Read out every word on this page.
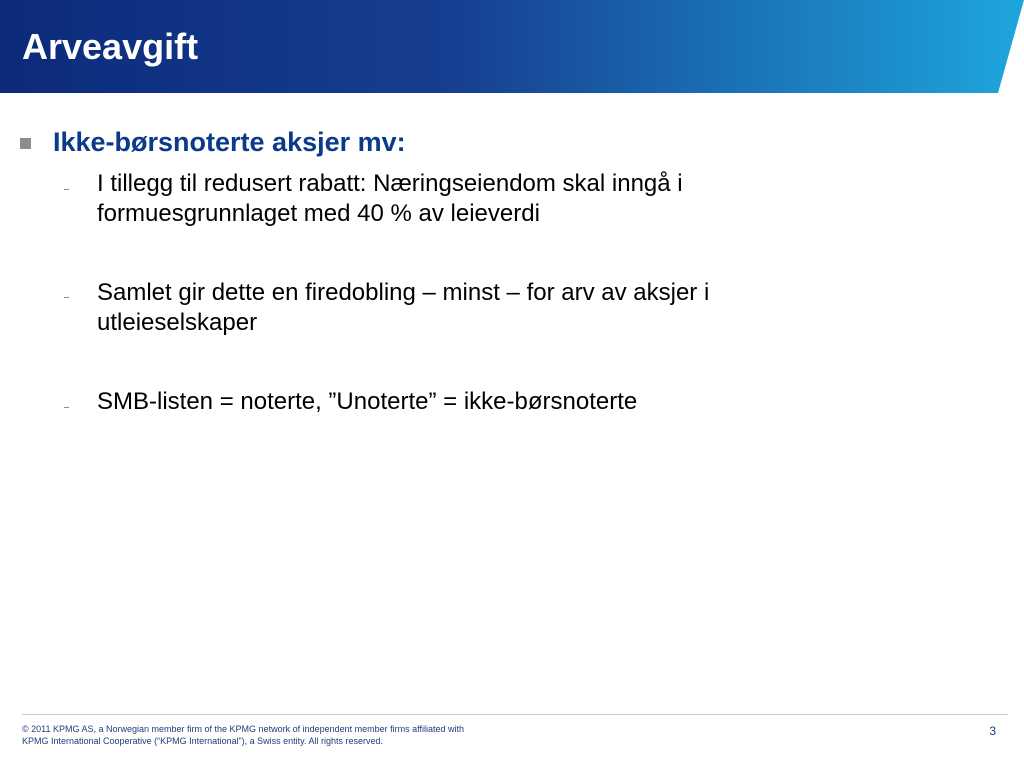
Arveavgift

Ikke-børsnoterte aksjer mv:

I tillegg til redusert rabatt: Næringseiendom skal inngå i
formuesgrunnlaget med 40 % av leieverdi

Samlet gir dette en firedobling – minst – for arv av aksjer i
utleieselskaper

SMB-listen = noterte, ”Unoterte” = ikke-børsnoterte

© 2011 KPMG AS, a Norwegian member firm of the KPMG network of independent member firms affiliated with
KPMG International Cooperative (“KPMG International”), a Swiss entity. All rights reserved.

3
